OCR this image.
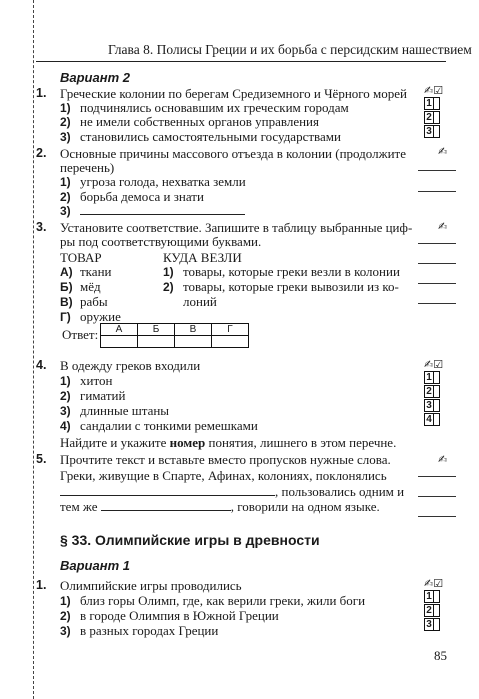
Глава 8. Полисы Греции и их борьба с персидским нашествием
Вариант 2
1. Греческие колонии по берегам Средиземного и Чёрного морей
1) подчинялись основавшим их греческим городам
2) не имели собственных органов управления
3) становились самостоятельными государствами
✍☑
1
2
3
2. Основные причины массового отъезда в колонии (продолжите
перечень)
1) угроза голода, нехватка земли
2) борьба демоса и знати
3)
✍
3. Установите соответствие. Запишите в таблицу выбранные циф-
ры под соответствующими буквами.
ТОВАР	КУДА ВЕЗЛИ
А) ткани
Б) мёд
В) рабы
Г) оружие
1) товары, которые греки везли в колонии
2) товары, которые греки вывозили из ко-
лоний
Ответ: А	Б	В	Г

✍
4. В одежду греков входили
1) хитон
2) гиматий
3) длинные штаны
4) сандалии с тонкими ремешками
Найдите и укажите номер понятия, лишнего в этом перечне.
✍☑
1
2
3
4
5. Прочтите текст и вставьте вместо пропусков нужные слова.
Греки, живущие в Спарте, Афинах, колониях, поклонялись
, пользовались одним и
тем же	, говорили на одном языке.
✍
§ 33. Олимпийские игры в древности
Вариант 1
1. Олимпийские игры проводились
1) близ горы Олимп, где, как верили греки, жили боги
2) в городе Олимпия в Южной Греции
3) в разных городах Греции
✍☑
1
2
3
85
